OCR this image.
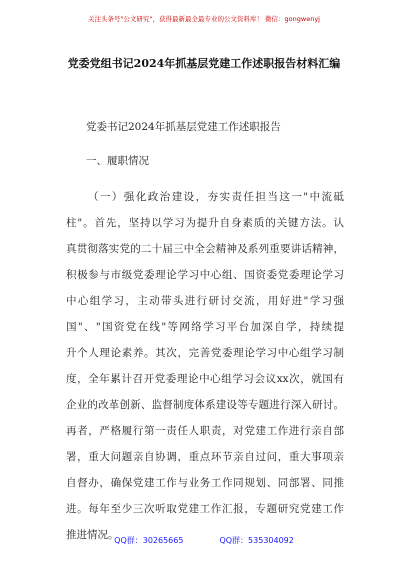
关注头条号"公文研究"，获得最新最全最专业的公文资料库！ 微信：gongwenyj
党委党组书记2024年抓基层党建工作述职报告材料汇编
党委书记2024年抓基层党建工作述职报告
一、履职情况
（一）强化政治建设，夯实责任担当这一"中流砥
柱"。首先，坚持以学习为提升自身素质的关键方法。认
真贯彻落实党的二十届三中全会精神及系列重要讲话精神，
积极参与市级党委理论学习中心组、国资委党委理论学习
中心组学习，主动带头进行研讨交流，用好进"学习强
国"、"国资党在线"等网络学习平台加深自学，持续提
升个人理论素养。其次，完善党委理论学习中心组学习制
度，全年累计召开党委理论中心组学习会议xx次，就国有
企业的改革创新、监督制度体系建设等专题进行深入研讨。
再者，严格履行第一责任人职责，对党建工作进行亲自部
署，重大问题亲自协调，重点环节亲自过问，重大事项亲
自督办，确保党建工作与业务工作同规划、同部署、同推
进。每年至少三次听取党建工作汇报，专题研究党建工作
推进情况。
QQ群：30265665	QQ群：535304092
